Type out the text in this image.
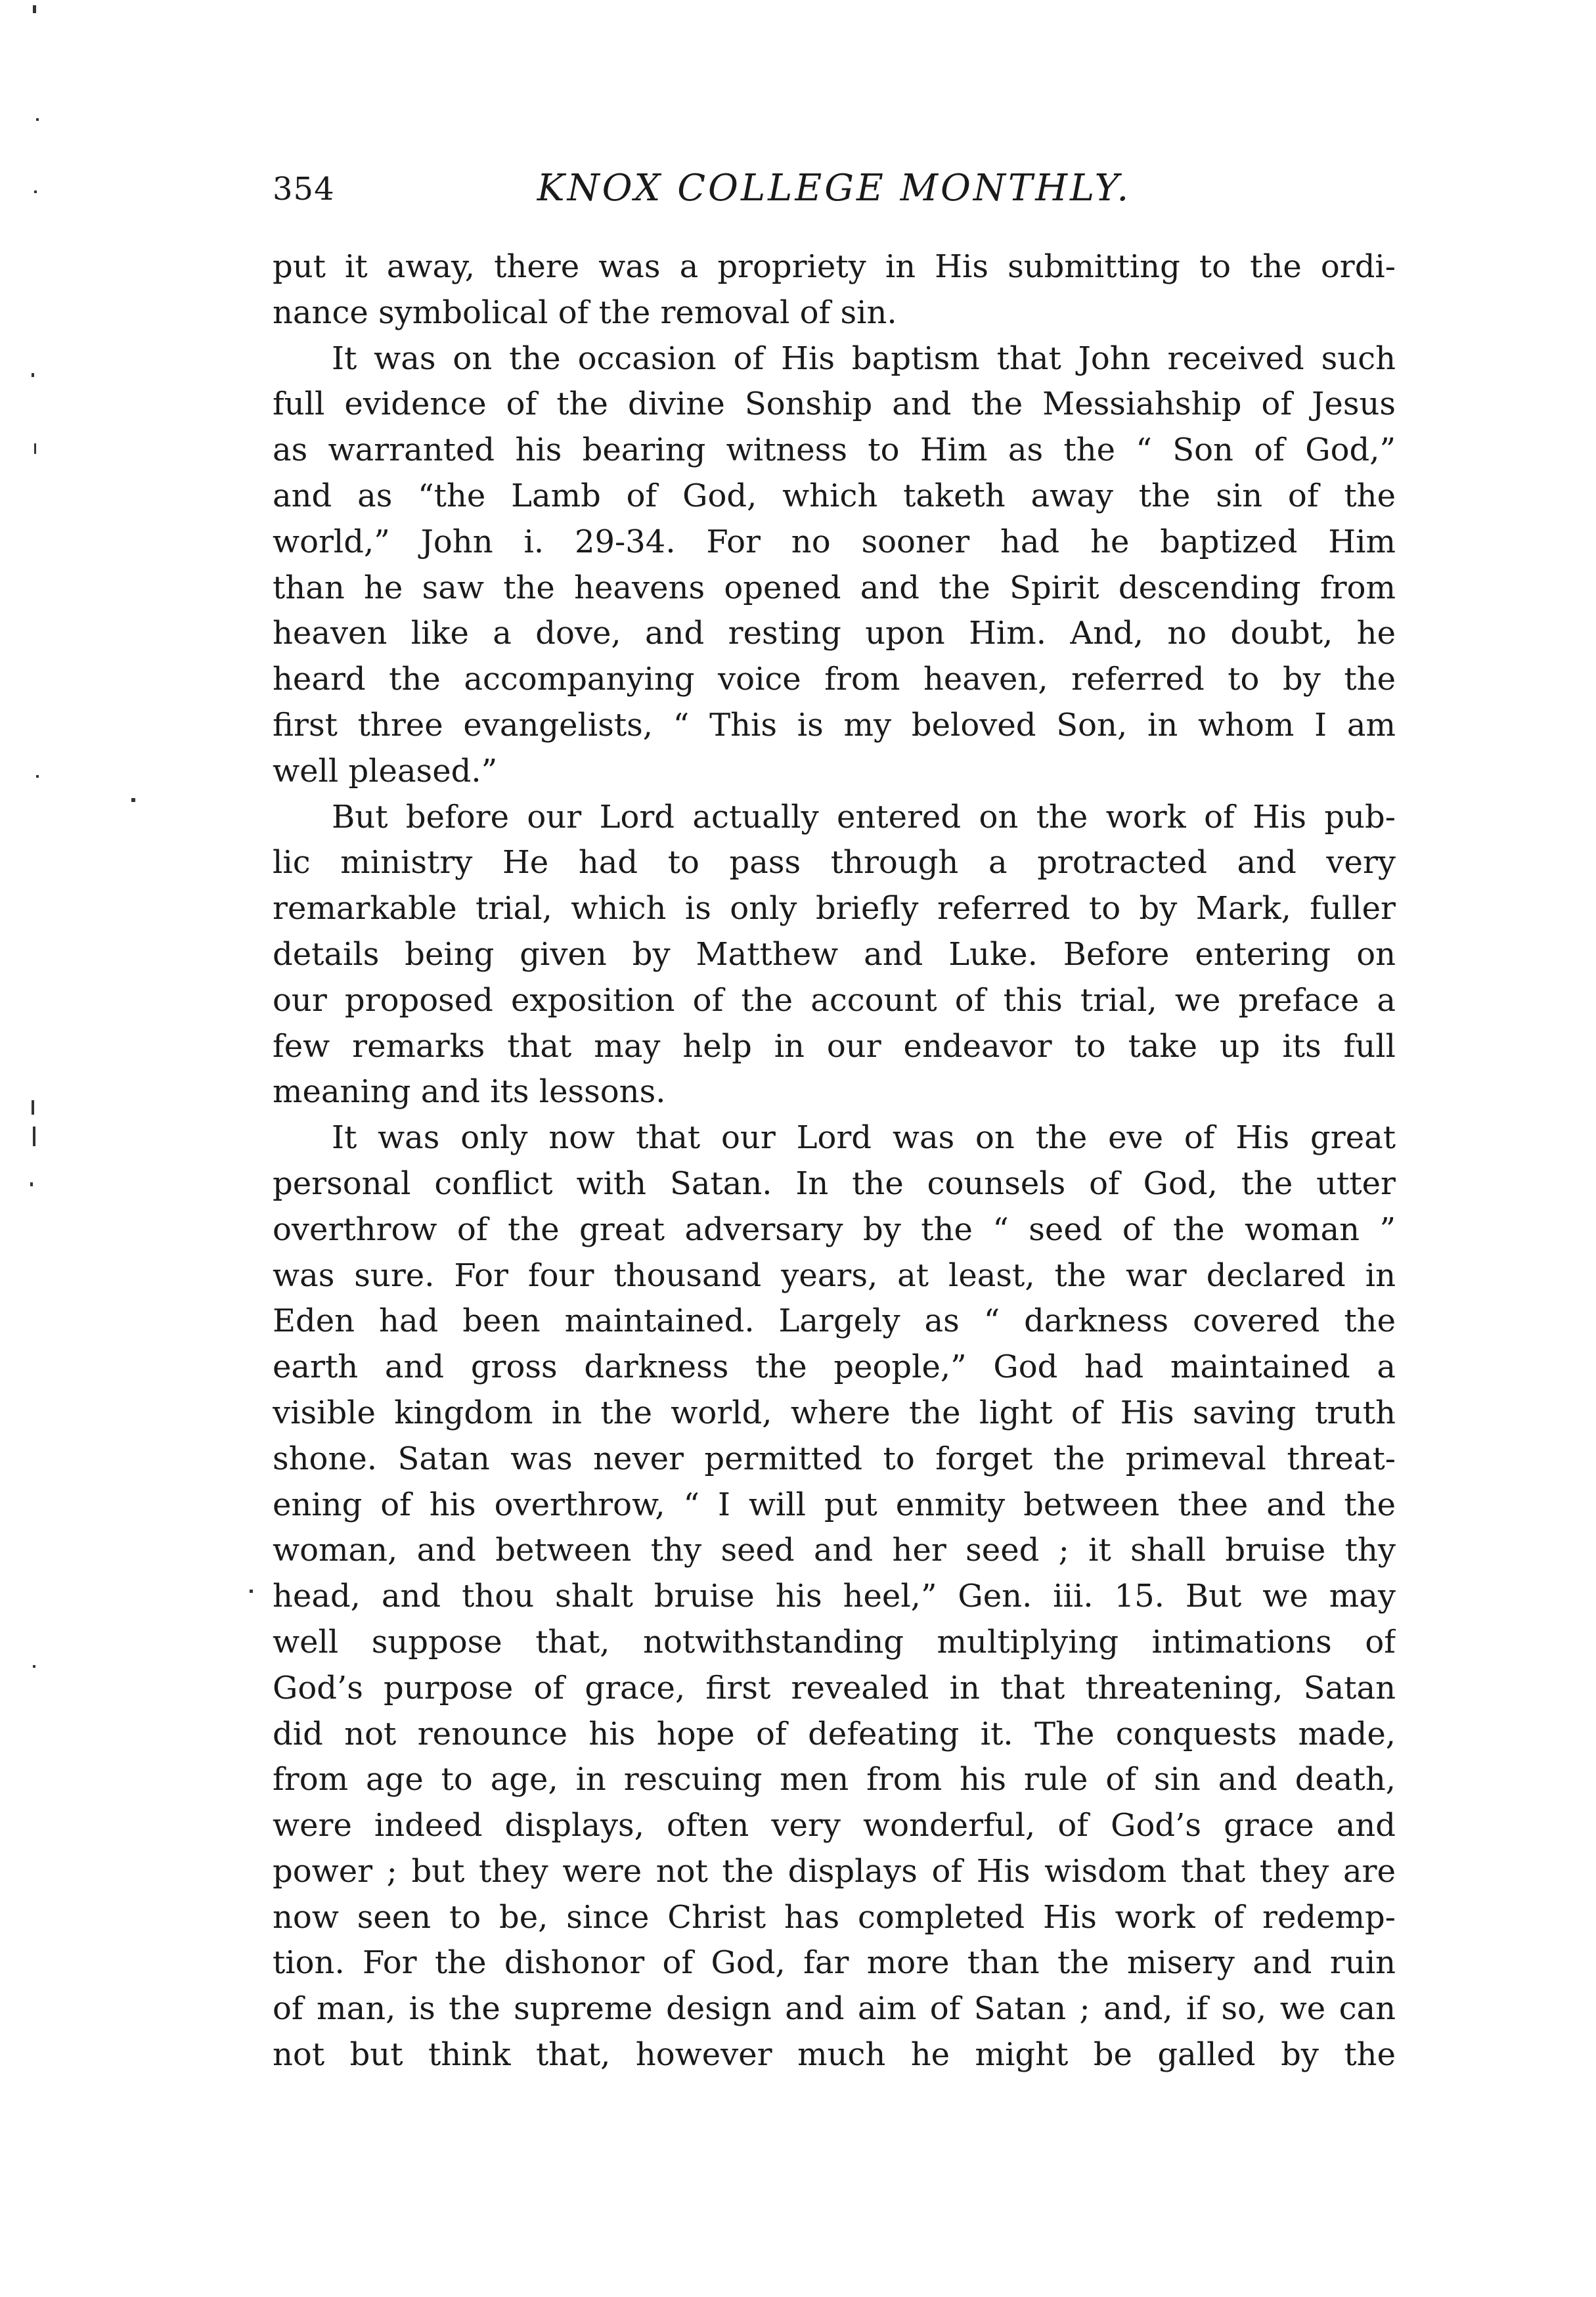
354	KNOX COLLEGE MONTHLY.
put it away, there was a propriety in His submitting to the ordi-
nance symbolical of the removal of sin.
It was on the occasion of His baptism that John received such
full evidence of the divine Sonship and the Messiahship of Jesus
as warranted his bearing witness to Him as the “ Son of God,”
and as “the Lamb of God, which taketh away the sin of the
world,” John i. 29-34. For no sooner had he baptized Him
than he saw the heavens opened and the Spirit descending from
heaven like a dove, and resting upon Him. And, no doubt, he
heard the accompanying voice from heaven, referred to by the
first three evangelists, “ This is my beloved Son, in whom I am
well pleased.”
But before our Lord actually entered on the work of His pub-
lic ministry He had to pass through a protracted and very
remarkable trial, which is only briefly referred to by Mark, fuller
details being given by Matthew and Luke. Before entering on
our proposed exposition of the account of this trial, we preface a
few remarks that may help in our endeavor to take up its full
meaning and its lessons.
It was only now that our Lord was on the eve of His great
personal conflict with Satan. In the counsels of God, the utter
overthrow of the great adversary by the “ seed of the woman ”
was sure. For four thousand years, at least, the war declared in
Eden had been maintained. Largely as “ darkness covered the
earth and gross darkness the people,” God had maintained a
visible kingdom in the world, where the light of His saving truth
shone. Satan was never permitted to forget the primeval threat-
ening of his overthrow, “ I will put enmity between thee and the
woman, and between thy seed and her seed ; it shall bruise thy
head, and thou shalt bruise his heel,” Gen. iii. 15. But we may
well suppose that, notwithstanding multiplying intimations of
God’s purpose of grace, first revealed in that threatening, Satan
did not renounce his hope of defeating it. The conquests made,
from age to age, in rescuing men from his rule of sin and death,
were indeed displays, often very wonderful, of God’s grace and
power ; but they were not the displays of His wisdom that they are
now seen to be, since Christ has completed His work of redemp-
tion. For the dishonor of God, far more than the misery and ruin
of man, is the supreme design and aim of Satan ; and, if so, we can
not but think that, however much he might be galled by the
